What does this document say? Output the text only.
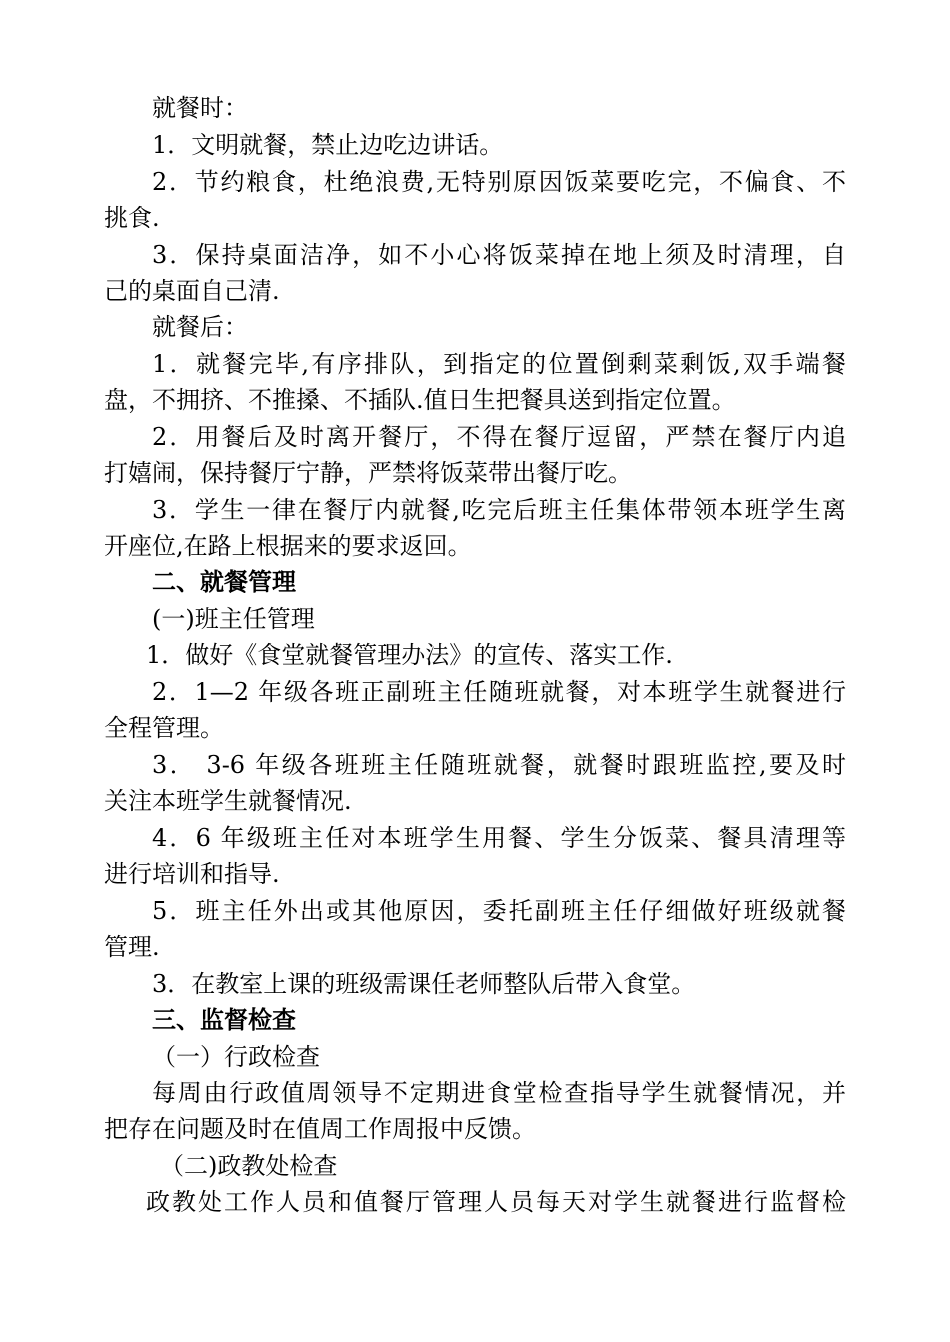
就餐时：
1．文明就餐，禁止边吃边讲话。
2．节约粮食，杜绝浪费,无特别原因饭菜要吃完，不偏食、不
挑食.
3．保持桌面洁净，如不小心将饭菜掉在地上须及时清理，自
己的桌面自己清.
就餐后：
1．就餐完毕,有序排队，到指定的位置倒剩菜剩饭,双手端餐
盘，不拥挤、不推搡、不插队.值日生把餐具送到指定位置。
2．用餐后及时离开餐厅，不得在餐厅逗留，严禁在餐厅内追
打嬉闹，保持餐厅宁静，严禁将饭菜带出餐厅吃。
3．学生一律在餐厅内就餐,吃完后班主任集体带领本班学生离
开座位,在路上根据来的要求返回。
二、就餐管理
(一)班主任管理
1．做好《食堂就餐管理办法》的宣传、落实工作.
2．1—2 年级各班正副班主任随班就餐，对本班学生就餐进行
全程管理。
3． 3-6 年级各班班主任随班就餐，就餐时跟班监控,要及时
关注本班学生就餐情况.
4．6 年级班主任对本班学生用餐、学生分饭菜、餐具清理等
进行培训和指导.
5．班主任外出或其他原因，委托副班主任仔细做好班级就餐
管理.
3．在教室上课的班级需课任老师整队后带入食堂。
三、监督检查
（一）行政检查
每周由行政值周领导不定期进食堂检查指导学生就餐情况，并
把存在问题及时在值周工作周报中反馈。
（二)政教处检查
政教处工作人员和值餐厅管理人员每天对学生就餐进行监督检
